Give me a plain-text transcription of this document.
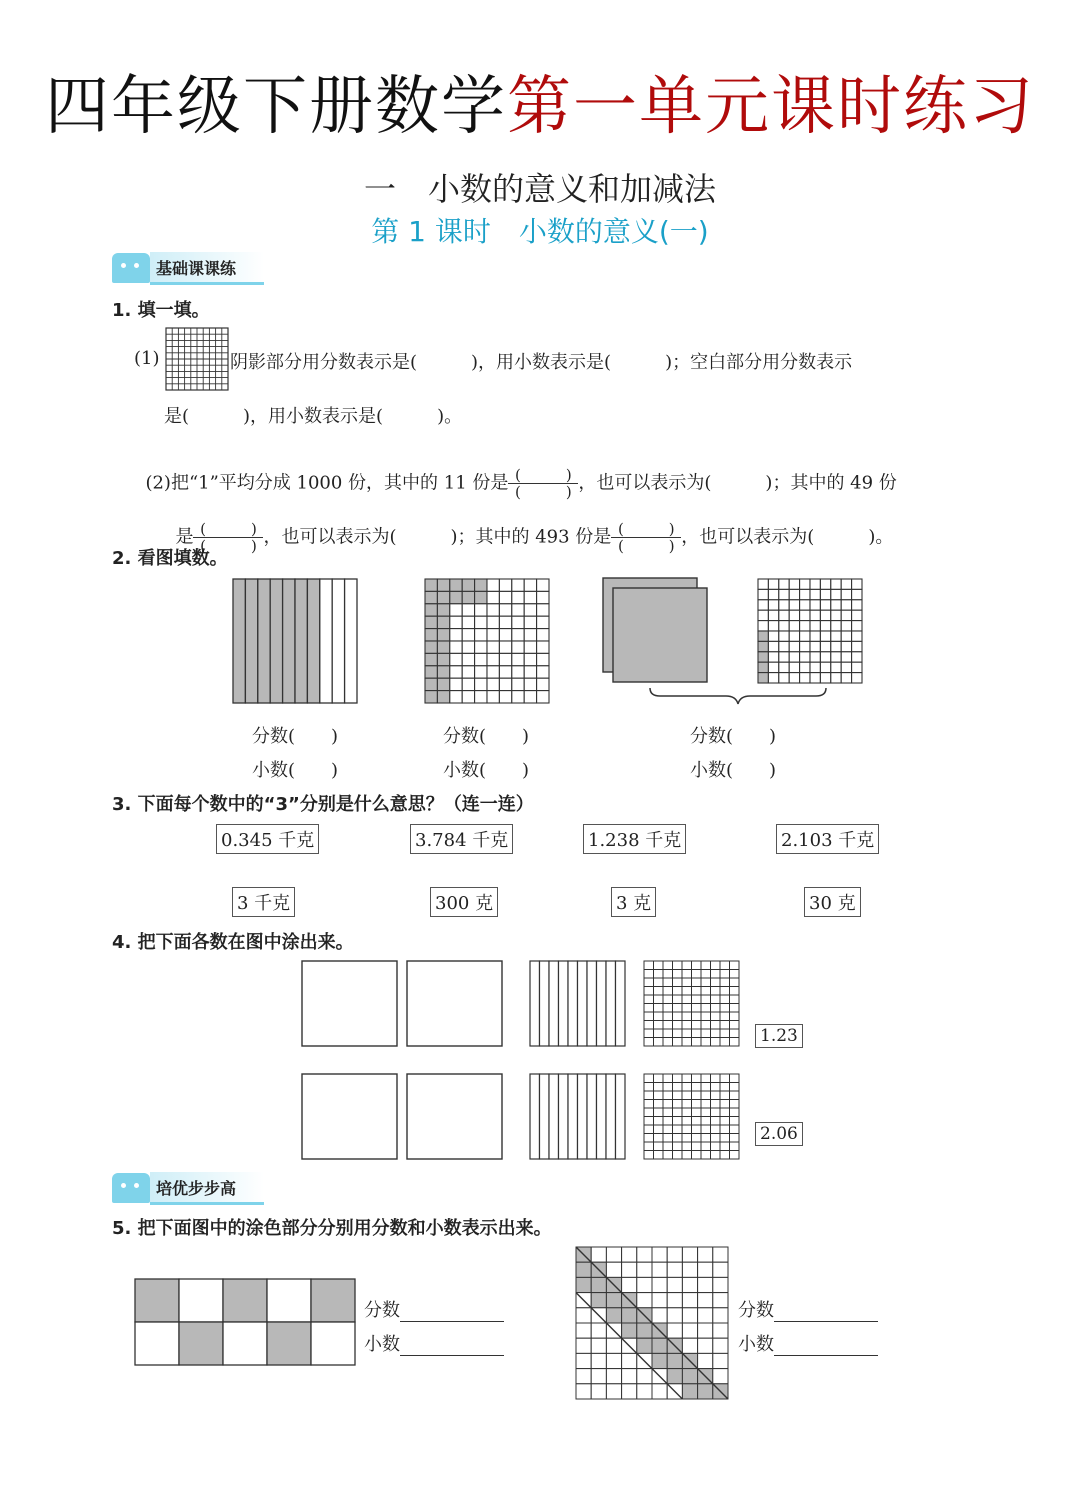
四年级下册数学第一单元课时练习
一　小数的意义和加减法
第 1 课时　小数的意义(一)
基础课课练
1. 填一填。
(1)	阴影部分用分数表示是(　　　)，用小数表示是(　　　)；空白部分用分数表示
是(　　　)，用小数表示是(　　　)。

(2)把“1”平均分成 1000 份，其中的 11 份是 $\frac{( )}{( )}$ ，也可以表示为(　　　)；其中的 49 份

是 $\frac{( )}{( )}$ ，也可以表示为(　　　)；其中的 493 份是 $\frac{( )}{( )}$ ，也可以表示为(　　　)。

2. 看图填数。
分数(　　)
小数(　　)
分数(　　)
小数(　　)
分数(　　)
小数(　　)
3. 下面每个数中的“3”分别是什么意思？（连一连）
0.345 千克	3.784 千克	1.238 千克	2.103 千克
3 千克	300 克	3 克	30 克
4. 把下面各数在图中涂出来。
1.23
2.06
培优步步高
5. 把下面图中的涂色部分分别用分数和小数表示出来。
分数
小数
分数
小数
